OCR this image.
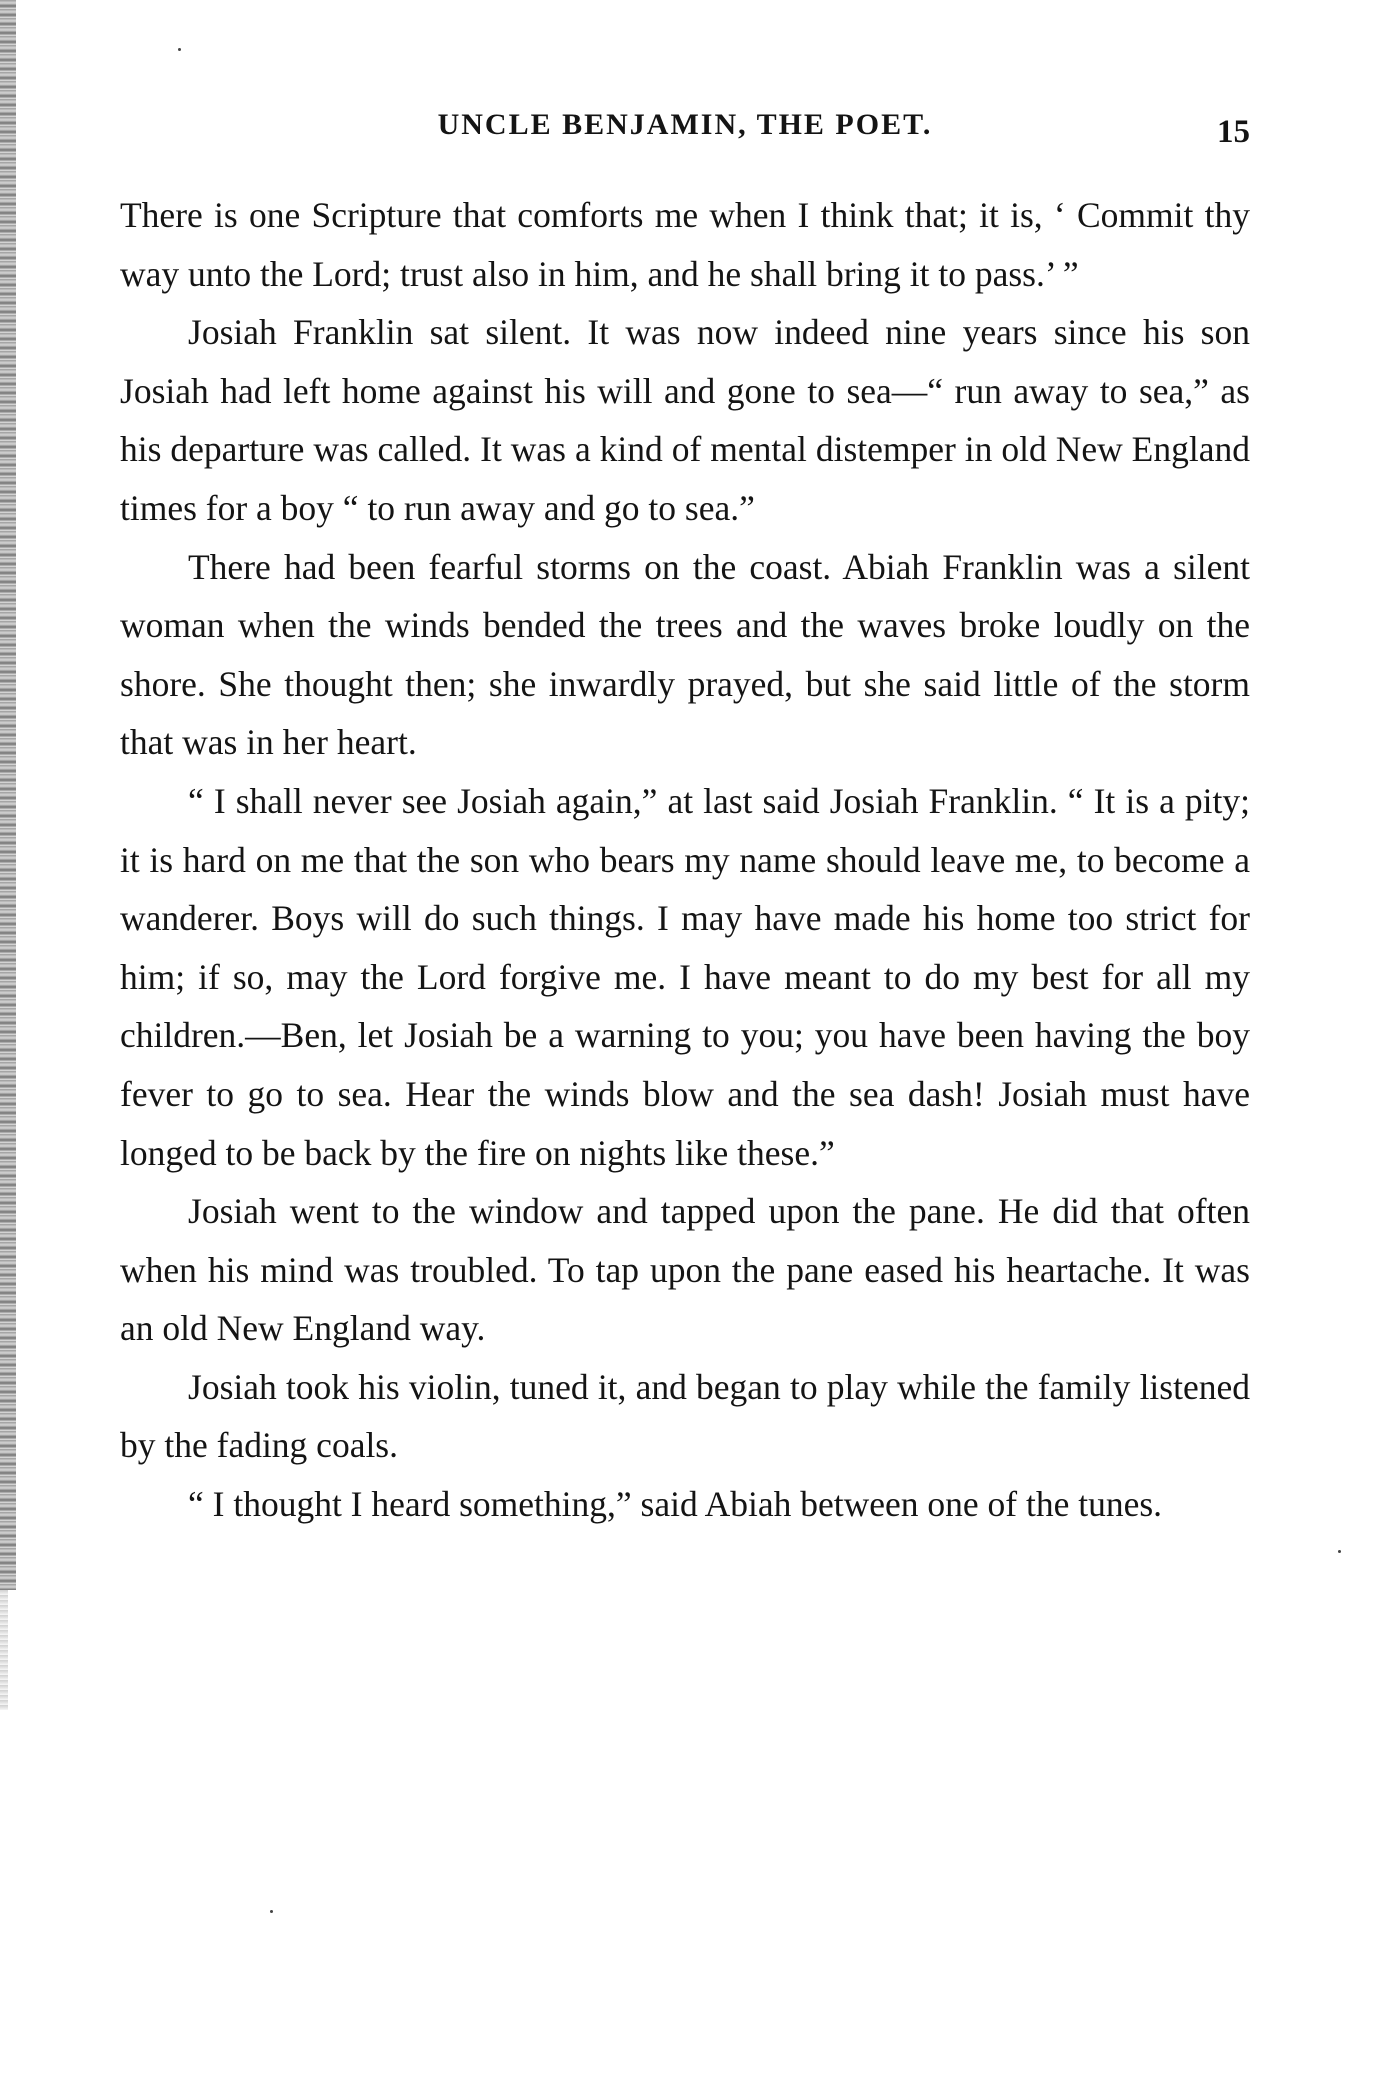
UNCLE BENJAMIN, THE POET.	15

There is one Scripture that comforts me when I think that; it is, ‘ Commit thy way unto the Lord; trust also in him, and he shall bring it to pass.’ ”

Josiah Franklin sat silent. It was now indeed nine years since his son Josiah had left home against his will and gone to sea—“ run away to sea,” as his departure was called. It was a kind of mental distemper in old New England times for a boy “ to run away and go to sea.”

There had been fearful storms on the coast. Abiah Franklin was a silent woman when the winds bended the trees and the waves broke loudly on the shore. She thought then; she inwardly prayed, but she said little of the storm that was in her heart.

“ I shall never see Josiah again,” at last said Josiah Franklin. “ It is a pity; it is hard on me that the son who bears my name should leave me, to become a wanderer. Boys will do such things. I may have made his home too strict for him; if so, may the Lord forgive me. I have meant to do my best for all my children.—Ben, let Josiah be a warning to you; you have been having the boy fever to go to sea. Hear the winds blow and the sea dash! Josiah must have longed to be back by the fire on nights like these.”

Josiah went to the window and tapped upon the pane. He did that often when his mind was troubled. To tap upon the pane eased his heartache. It was an old New England way.

Josiah took his violin, tuned it, and began to play while the family listened by the fading coals.

“ I thought I heard something,” said Abiah between one of the tunes.
